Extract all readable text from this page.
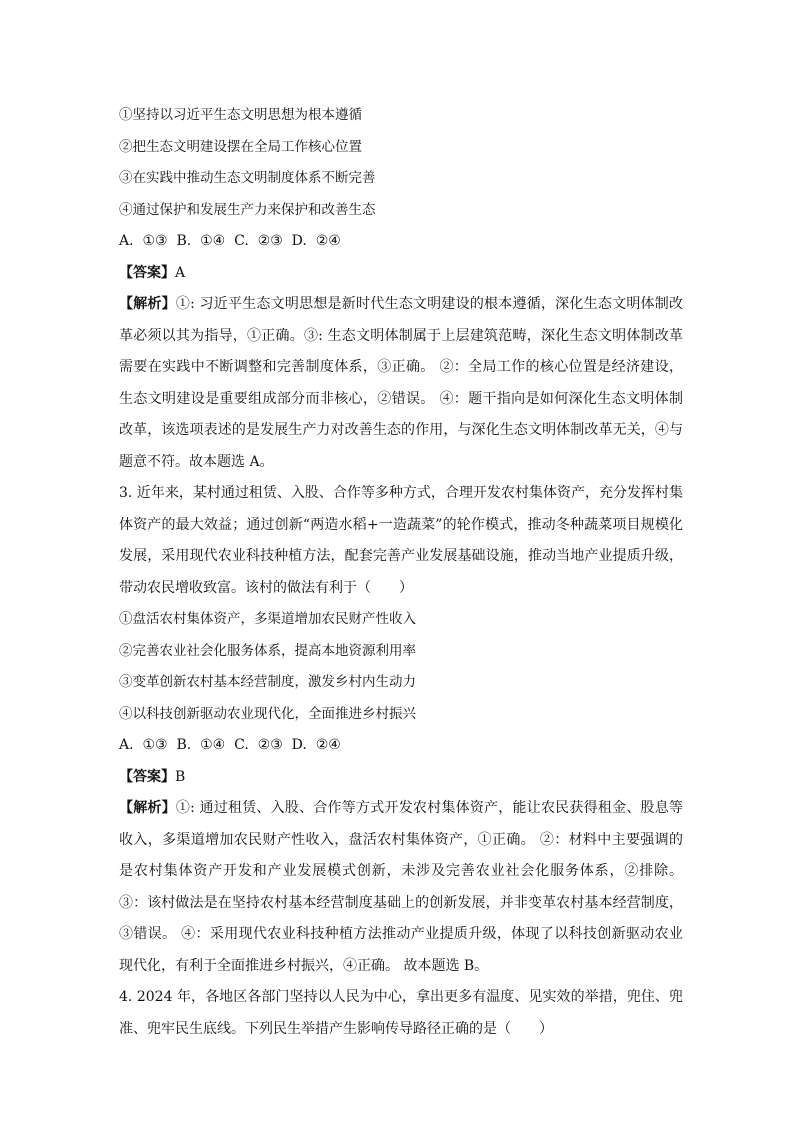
①坚持以习近平生态文明思想为根本遵循
②把生态文明建设摆在全局工作核心位置
③在实践中推动生态文明制度体系不断完善
④通过保护和发展生产力来保护和改善生态
A.  ①③  B.  ①④  C.  ②③  D.  ②④
【答案】A

【解析】①: 习近平生态文明思想是新时代生态文明建设的根本遵循，深化生态文明体制改革必须以其为指导，①正确。③: 生态文明体制属于上层建筑范畴，深化生态文明体制改革需要在实践中不断调整和完善制度体系，③正确。 ②：全局工作的核心位置是经济建设，生态文明建设是重要组成部分而非核心，②错误。 ④：题干指向是如何深化生态文明体制改革，该选项表述的是发展生产力对改善生态的作用，与深化生态文明体制改革无关，④与题意不符。故本题选 A。

3. 近年来，某村通过租赁、入股、合作等多种方式，合理开发农村集体资产，充分发挥村集体资产的最大效益；通过创新“两造水稻+一造蔬菜”的轮作模式，推动冬种蔬菜项目规模化发展，采用现代农业科技种植方法，配套完善产业发展基础设施，推动当地产业提质升级，带动农民增收致富。该村的做法有利于（　　）

①盘活农村集体资产，多渠道增加农民财产性收入
②完善农业社会化服务体系，提高本地资源利用率
③变革创新农村基本经营制度，激发乡村内生动力
④以科技创新驱动农业现代化，全面推进乡村振兴
A.  ①③  B.  ①④  C.  ②③  D.  ②④
【答案】B

【解析】①: 通过租赁、入股、合作等方式开发农村集体资产，能让农民获得租金、股息等收入，多渠道增加农民财产性收入，盘活农村集体资产，①正确。 ②：材料中主要强调的是农村集体资产开发和产业发展模式创新，未涉及完善农业社会化服务体系，②排除。 ③：该村做法是在坚持农村基本经营制度基础上的创新发展，并非变革农村基本经营制度，③错误。 ④：采用现代农业科技种植方法推动产业提质升级，体现了以科技创新驱动农业现代化，有利于全面推进乡村振兴，④正确。 故本题选 B。

4. 2024 年，各地区各部门坚持以人民为中心，拿出更多有温度、见实效的举措，兜住、兜准、兜牢民生底线。下列民生举措产生影响传导路径正确的是（　　）
